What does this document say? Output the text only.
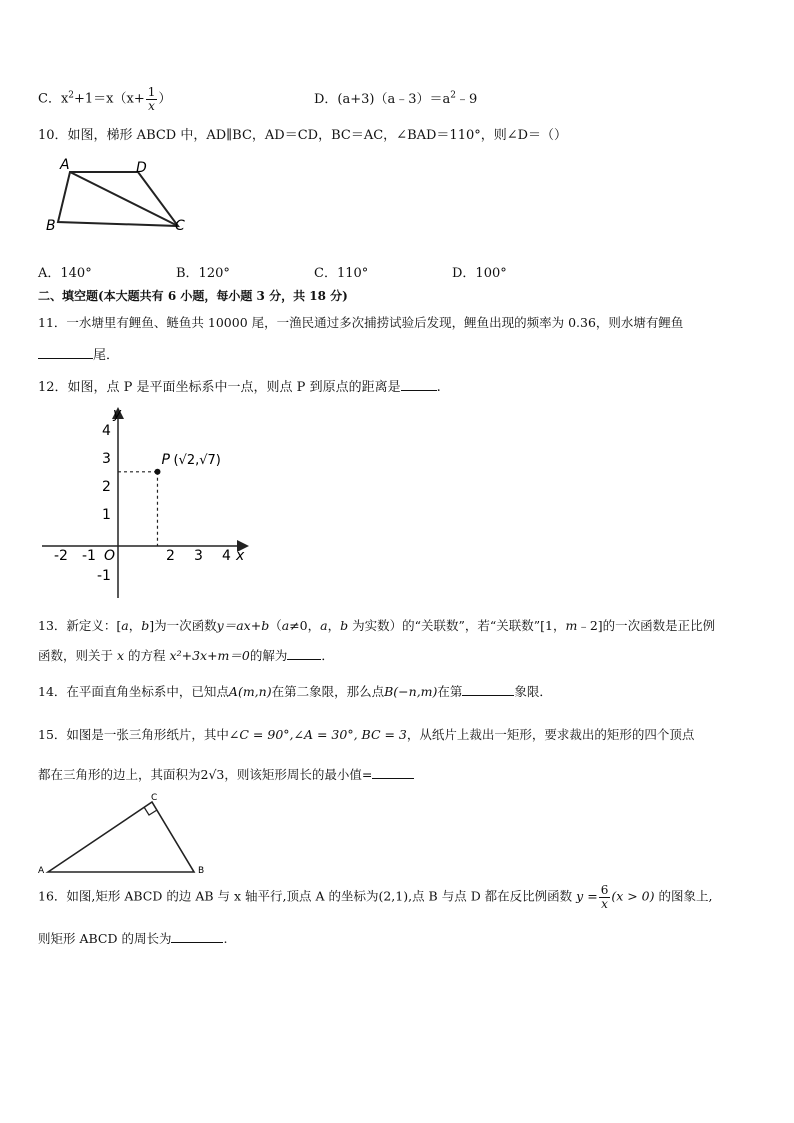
C．$x^2+1=x(x+ \frac{1}{x}$ ）	D．$(a+3)(a﹣3)=a^2﹣9$
10．如图，梯形 ABCD 中，AD∥BC，AD＝CD，BC＝AC，∠BAD＝110°，则∠D＝（）
A	D
B	C
A．140°	B．120°	C．110°	D．100°
二、填空题(本大题共有 6 小题，每小题 3 分，共 18 分)
11．一水塘里有鲤鱼、鲢鱼共 10000 尾，一渔民通过多次捕捞试验后发现，鲤鱼出现的频率为 0.36，则水塘有鲤鱼
尾．
12．如图，点 P 是平面坐标系中一点，则点 P 到原点的距离是	.
y
x
O
4
3
2
1
-1
-2 -1	2 3 4
P (√2,√7)
13．新定义：[a，b]为一次函数y＝ax+b（a≠0，a，b 为实数）的“关联数”，若“关联数”[1，m﹣2]的一次函数是正比例
函数，则关于 x 的方程 x²+3x+m＝0的解为	．
14．在平面直角坐标系中，已知点A(m,n)在第二象限，那么点B(−n,m)在第	象限．
15．如图是一张三角形纸片，其中∠C = 90°,∠A = 30°, BC = 3，从纸片上裁出一矩形，要求裁出的矩形的四个顶点
都在三角形的边上，其面积为2√3，则该矩形周长的最小值=
C
A	B
16．如图,矩形 ABCD 的边 AB 与 x 轴平行,顶点 A 的坐标为(2,1),点 B 与点 D 都在反比例函数 $y = \frac{6}{x} (x > 0)$ 的图象上,
则矩形 ABCD 的周长为	.
